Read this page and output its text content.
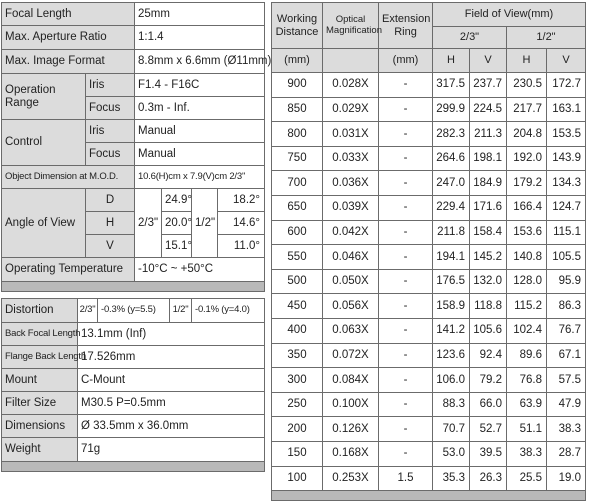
Focal Length		25mm			
Max. Aperture Ratio		1:1.4			
Max. Image Format		8.8mm x 6.6mm (Ø11mm)			
Operation Range	Iris	F1.4 - F16C			
	Focus	0.3m - Inf.			
Control	Iris	Manual			
	Focus	Manual			
Object Dimension at M.O.D.		10.6(H)cm x 7.9(V)cm 2/3"			
Angle of View	D	2/3"	24.9°	1/2"	18.2°
	H		20.0°		14.6°
	V		15.1°		11.0°
Operating Temperature		-10°C ~ +50°C			

Distortion	2/3"	-0.3% (y=5.5)	1/2"	-0.1% (y=4.0)
Back Focal Length	13.1mm (Inf)			
Flange Back Length	17.526mm			
Mount	C-Mount			
Filter Size	M30.5 P=0.5mm			
Dimensions	Ø 33.5mm x 36.0mm			
Weight	71g			

Working Distance	Optical Magnification	Extension Ring	Field of View(mm)			
			2/3"		1/2"	
(mm)		(mm)	H	V	H	V
900	0.028X	-	317.5	237.7	230.5	172.7
850	0.029X	-	299.9	224.5	217.7	163.1
800	0.031X	-	282.3	211.3	204.8	153.5
750	0.033X	-	264.6	198.1	192.0	143.9
700	0.036X	-	247.0	184.9	179.2	134.3
650	0.039X	-	229.4	171.6	166.4	124.7
600	0.042X	-	211.8	158.4	153.6	115.1
550	0.046X	-	194.1	145.2	140.8	105.5
500	0.050X	-	176.5	132.0	128.0	95.9
450	0.056X	-	158.9	118.8	115.2	86.3
400	0.063X	-	141.2	105.6	102.4	76.7
350	0.072X	-	123.6	92.4	89.6	67.1
300	0.084X	-	106.0	79.2	76.8	57.5
250	0.100X	-	88.3	66.0	63.9	47.9
200	0.126X	-	70.7	52.7	51.1	38.3
150	0.168X	-	53.0	39.5	38.3	28.7
100	0.253X	1.5	35.3	26.3	25.5	19.0
